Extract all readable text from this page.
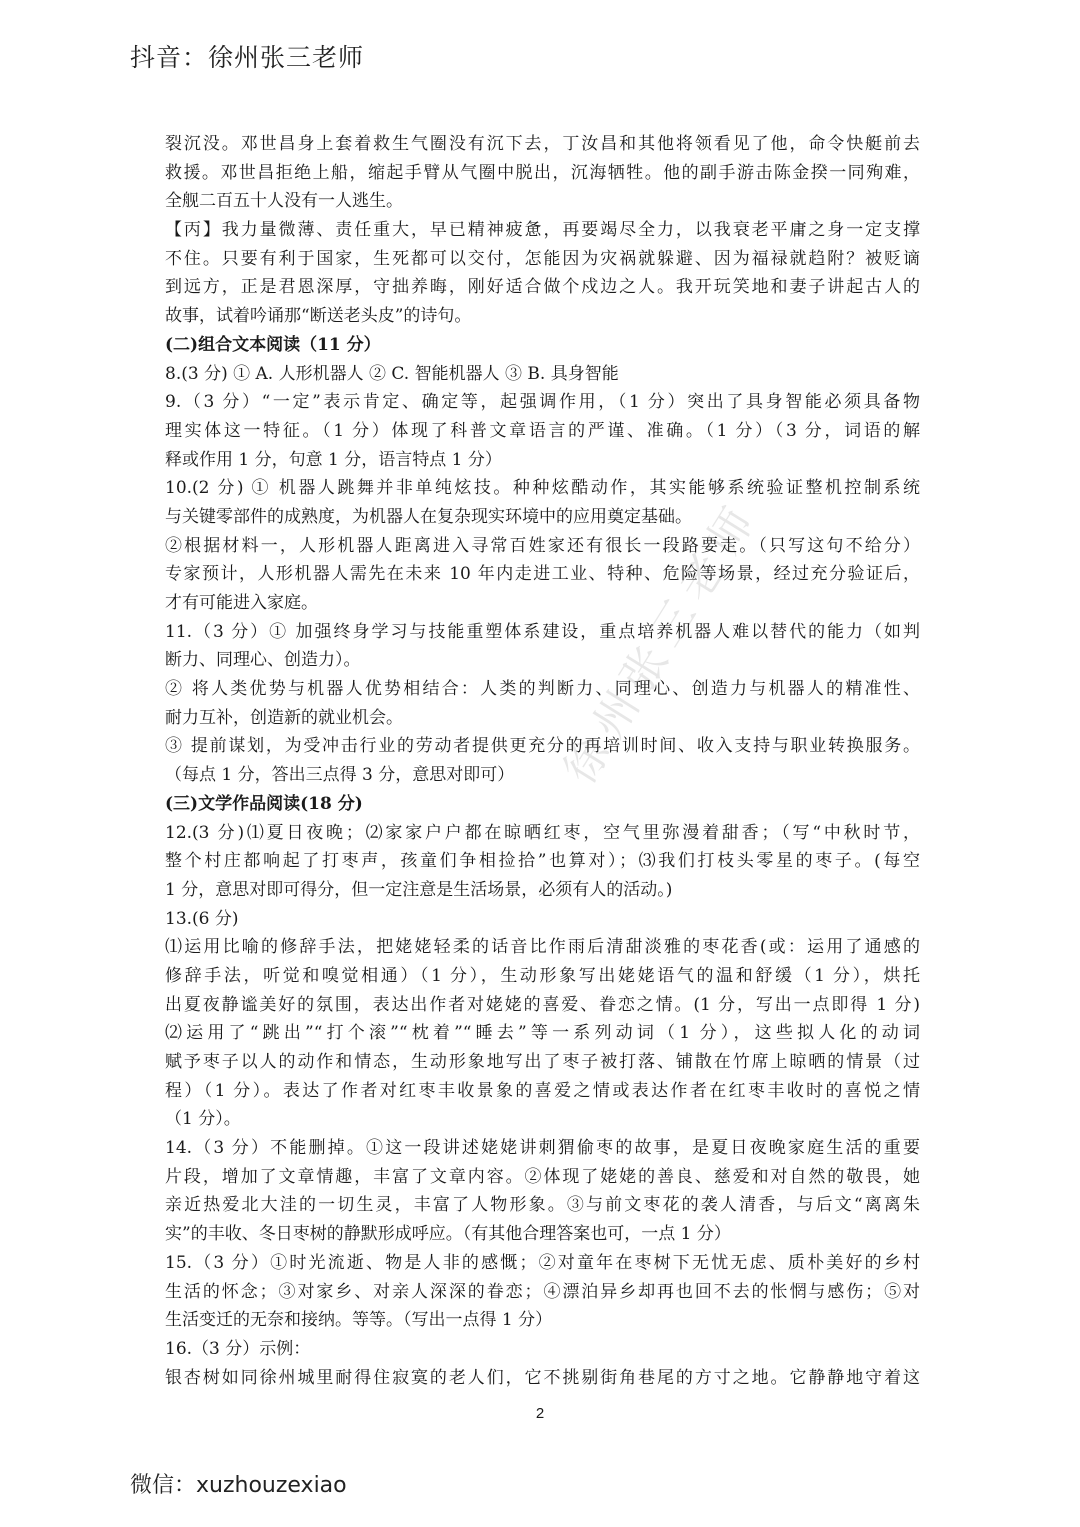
抖音：徐州张三老师
徐州张三老师
裂沉没。邓世昌身上套着救生气圈没有沉下去，丁汝昌和其他将领看见了他，命令快艇前去
救援。邓世昌拒绝上船，缩起手臂从气圈中脱出，沉海牺牲。他的副手游击陈金揆一同殉难，
全舰二百五十人没有一人逃生。
【丙】我力量微薄、责任重大，早已精神疲惫，再要竭尽全力，以我衰老平庸之身一定支撑
不住。只要有利于国家，生死都可以交付，怎能因为灾祸就躲避、因为福禄就趋附？被贬谪
到远方，正是君恩深厚，守拙养晦，刚好适合做个戍边之人。我开玩笑地和妻子讲起古人的
故事，试着吟诵那“断送老头皮”的诗句。
(二)组合文本阅读（11 分）
8.(3 分) ① A. 人形机器人 ② C. 智能机器人 ③ B. 具身智能
9.（3 分）“一定”表示肯定、确定等，起强调作用，（1 分）突出了具身智能必须具备物
理实体这一特征。（1 分）体现了科普文章语言的严谨、准确。（1 分）（3 分，词语的解
释或作用 1 分，句意 1 分，语言特点 1 分）
10.(2 分) ① 机器人跳舞并非单纯炫技。种种炫酷动作，其实能够系统验证整机控制系统
与关键零部件的成熟度，为机器人在复杂现实环境中的应用奠定基础。
②根据材料一，人形机器人距离进入寻常百姓家还有很长一段路要走。（只写这句不给分）
专家预计，人形机器人需先在未来 10 年内走进工业、特种、危险等场景，经过充分验证后，
才有可能进入家庭。
11.（3 分）① 加强终身学习与技能重塑体系建设，重点培养机器人难以替代的能力（如判
断力、同理心、创造力）。
② 将人类优势与机器人优势相结合：人类的判断力、同理心、创造力与机器人的精准性、
耐力互补，创造新的就业机会。
③ 提前谋划，为受冲击行业的劳动者提供更充分的再培训时间、收入支持与职业转换服务。
（每点 1 分，答出三点得 3 分，意思对即可）
(三)文学作品阅读(18 分)
12.(3 分)⑴夏日夜晚；⑵家家户户都在晾晒红枣，空气里弥漫着甜香；（写“中秋时节，
整个村庄都响起了打枣声，孩童们争相捡拾”也算对）；⑶我们打枝头零星的枣子。(每空
1 分，意思对即可得分，但一定注意是生活场景，必须有人的活动。)
13.(6 分)
⑴运用比喻的修辞手法，把姥姥轻柔的话音比作雨后清甜淡雅的枣花香(或：运用了通感的
修辞手法，听觉和嗅觉相通）（1 分），生动形象写出姥姥语气的温和舒缓（1 分），烘托
出夏夜静谧美好的氛围，表达出作者对姥姥的喜爱、眷恋之情。(1 分，写出一点即得 1 分)
⑵运用了“跳出”“打个滚”“枕着”“睡去”等一系列动词（1 分），这些拟人化的动词
赋予枣子以人的动作和情态，生动形象地写出了枣子被打落、铺散在竹席上晾晒的情景（过
程）（1 分）。表达了作者对红枣丰收景象的喜爱之情或表达作者在红枣丰收时的喜悦之情
（1 分）。
14.（3 分）不能删掉。①这一段讲述姥姥讲刺猬偷枣的故事，是夏日夜晚家庭生活的重要
片段，增加了文章情趣，丰富了文章内容。②体现了姥姥的善良、慈爱和对自然的敬畏，她
亲近热爱北大洼的一切生灵，丰富了人物形象。③与前文枣花的袭人清香，与后文“离离朱
实”的丰收、冬日枣树的静默形成呼应。（有其他合理答案也可，一点 1 分）
15.（3 分）①时光流逝、物是人非的感慨；②对童年在枣树下无忧无虑、质朴美好的乡村
生活的怀念；③对家乡、对亲人深深的眷恋；④漂泊异乡却再也回不去的怅惘与感伤；⑤对
生活变迁的无奈和接纳。等等。（写出一点得 1 分）
16.（3 分）示例：
银杏树如同徐州城里耐得住寂寞的老人们，它不挑剔街角巷尾的方寸之地。它静静地守着这
2
微信：xuzhouzexiao
